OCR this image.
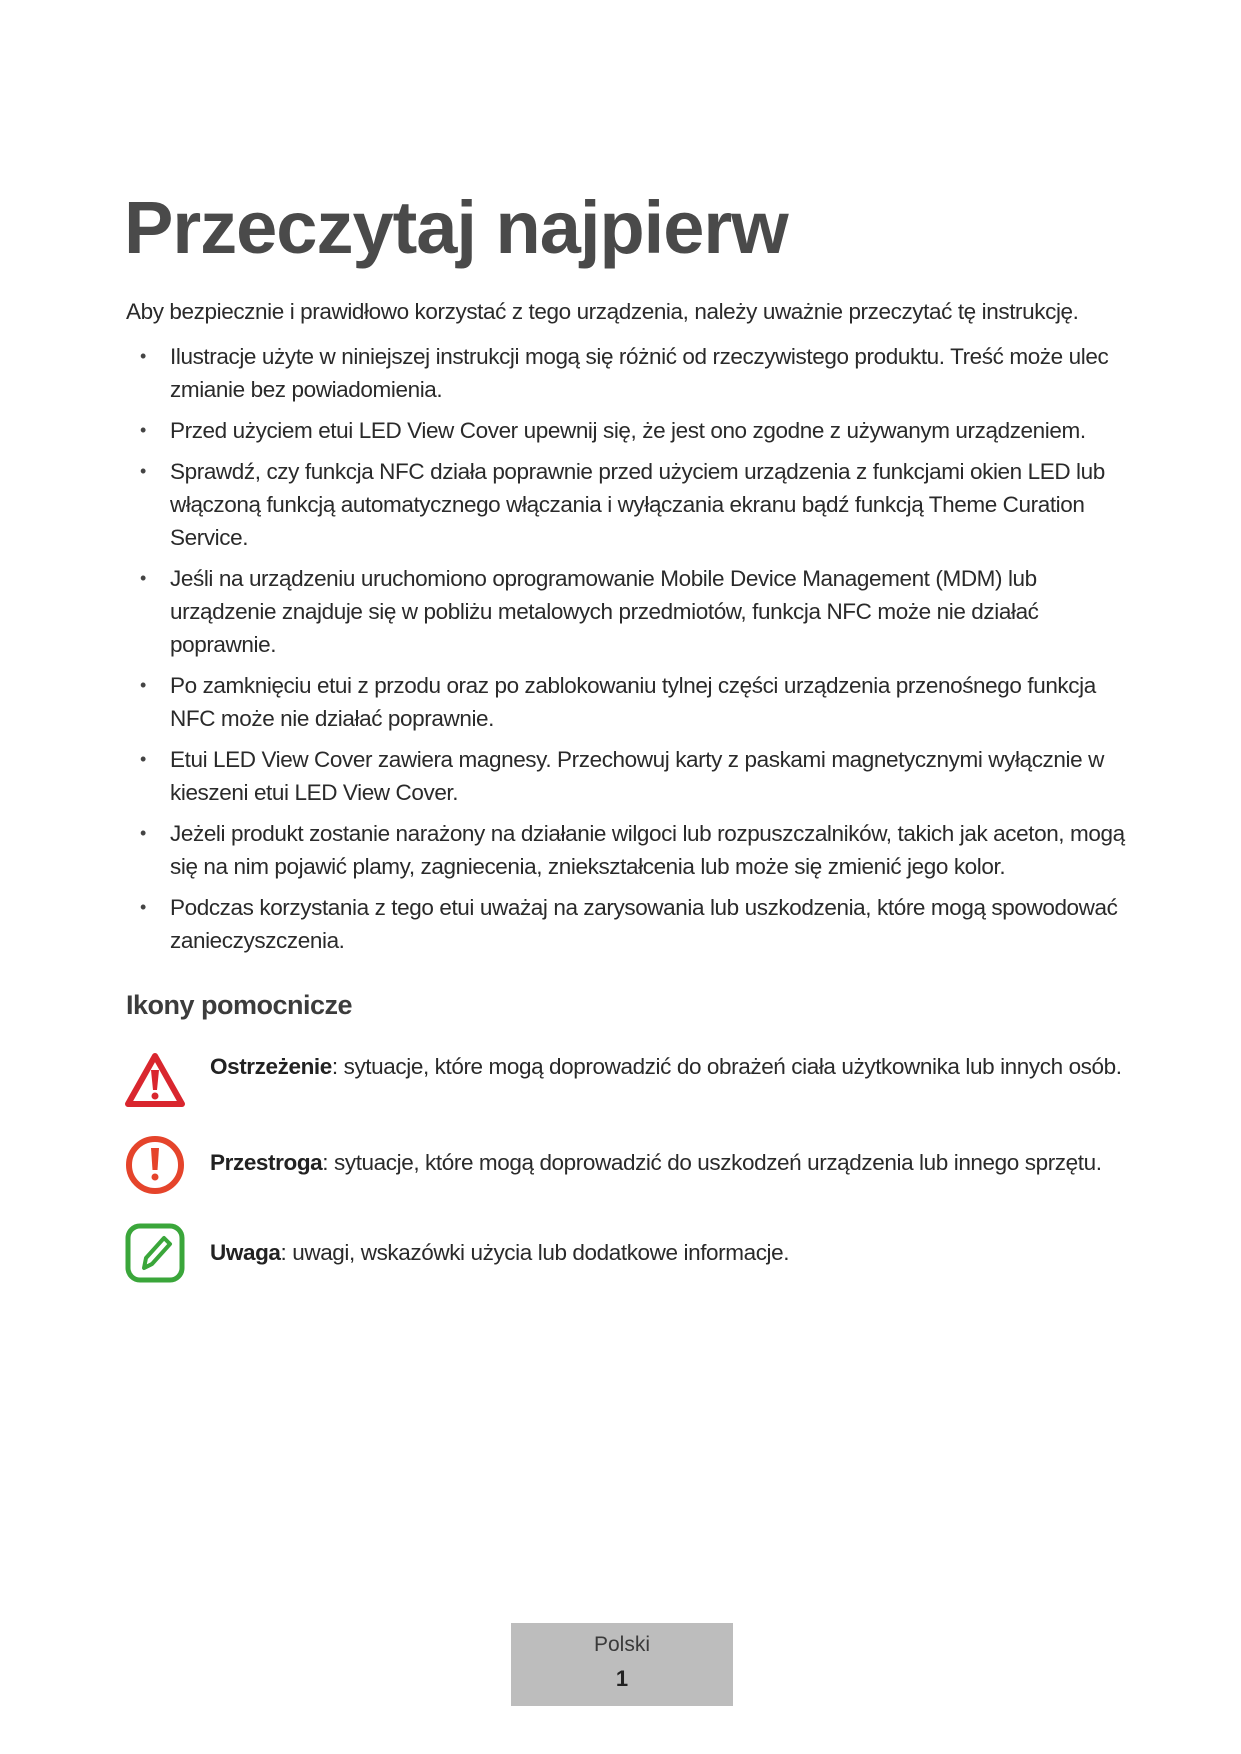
Przeczytaj najpierw

Aby bezpiecznie i prawidłowo korzystać z tego urządzenia, należy uważnie przeczytać tę instrukcję.

• Ilustracje użyte w niniejszej instrukcji mogą się różnić od rzeczywistego produktu. Treść może ulec zmianie bez powiadomienia.
• Przed użyciem etui LED View Cover upewnij się, że jest ono zgodne z używanym urządzeniem.
• Sprawdź, czy funkcja NFC działa poprawnie przed użyciem urządzenia z funkcjami okien LED lub włączoną funkcją automatycznego włączania i wyłączania ekranu bądź funkcją Theme Curation Service.
• Jeśli na urządzeniu uruchomiono oprogramowanie Mobile Device Management (MDM) lub urządzenie znajduje się w pobliżu metalowych przedmiotów, funkcja NFC może nie działać poprawnie.
• Po zamknięciu etui z przodu oraz po zablokowaniu tylnej części urządzenia przenośnego funkcja NFC może nie działać poprawnie.
• Etui LED View Cover zawiera magnesy. Przechowuj karty z paskami magnetycznymi wyłącznie w kieszeni etui LED View Cover.
• Jeżeli produkt zostanie narażony na działanie wilgoci lub rozpuszczalników, takich jak aceton, mogą się na nim pojawić plamy, zagniecenia, zniekształcenia lub może się zmienić jego kolor.
• Podczas korzystania z tego etui uważaj na zarysowania lub uszkodzenia, które mogą spowodować zanieczyszczenia.
Ikony pomocnicze
Ostrzeżenie: sytuacje, które mogą doprowadzić do obrażeń ciała użytkownika lub innych osób.
Przestroga: sytuacje, które mogą doprowadzić do uszkodzeń urządzenia lub innego sprzętu.
Uwaga: uwagi, wskazówki użycia lub dodatkowe informacje.
Polski
1
